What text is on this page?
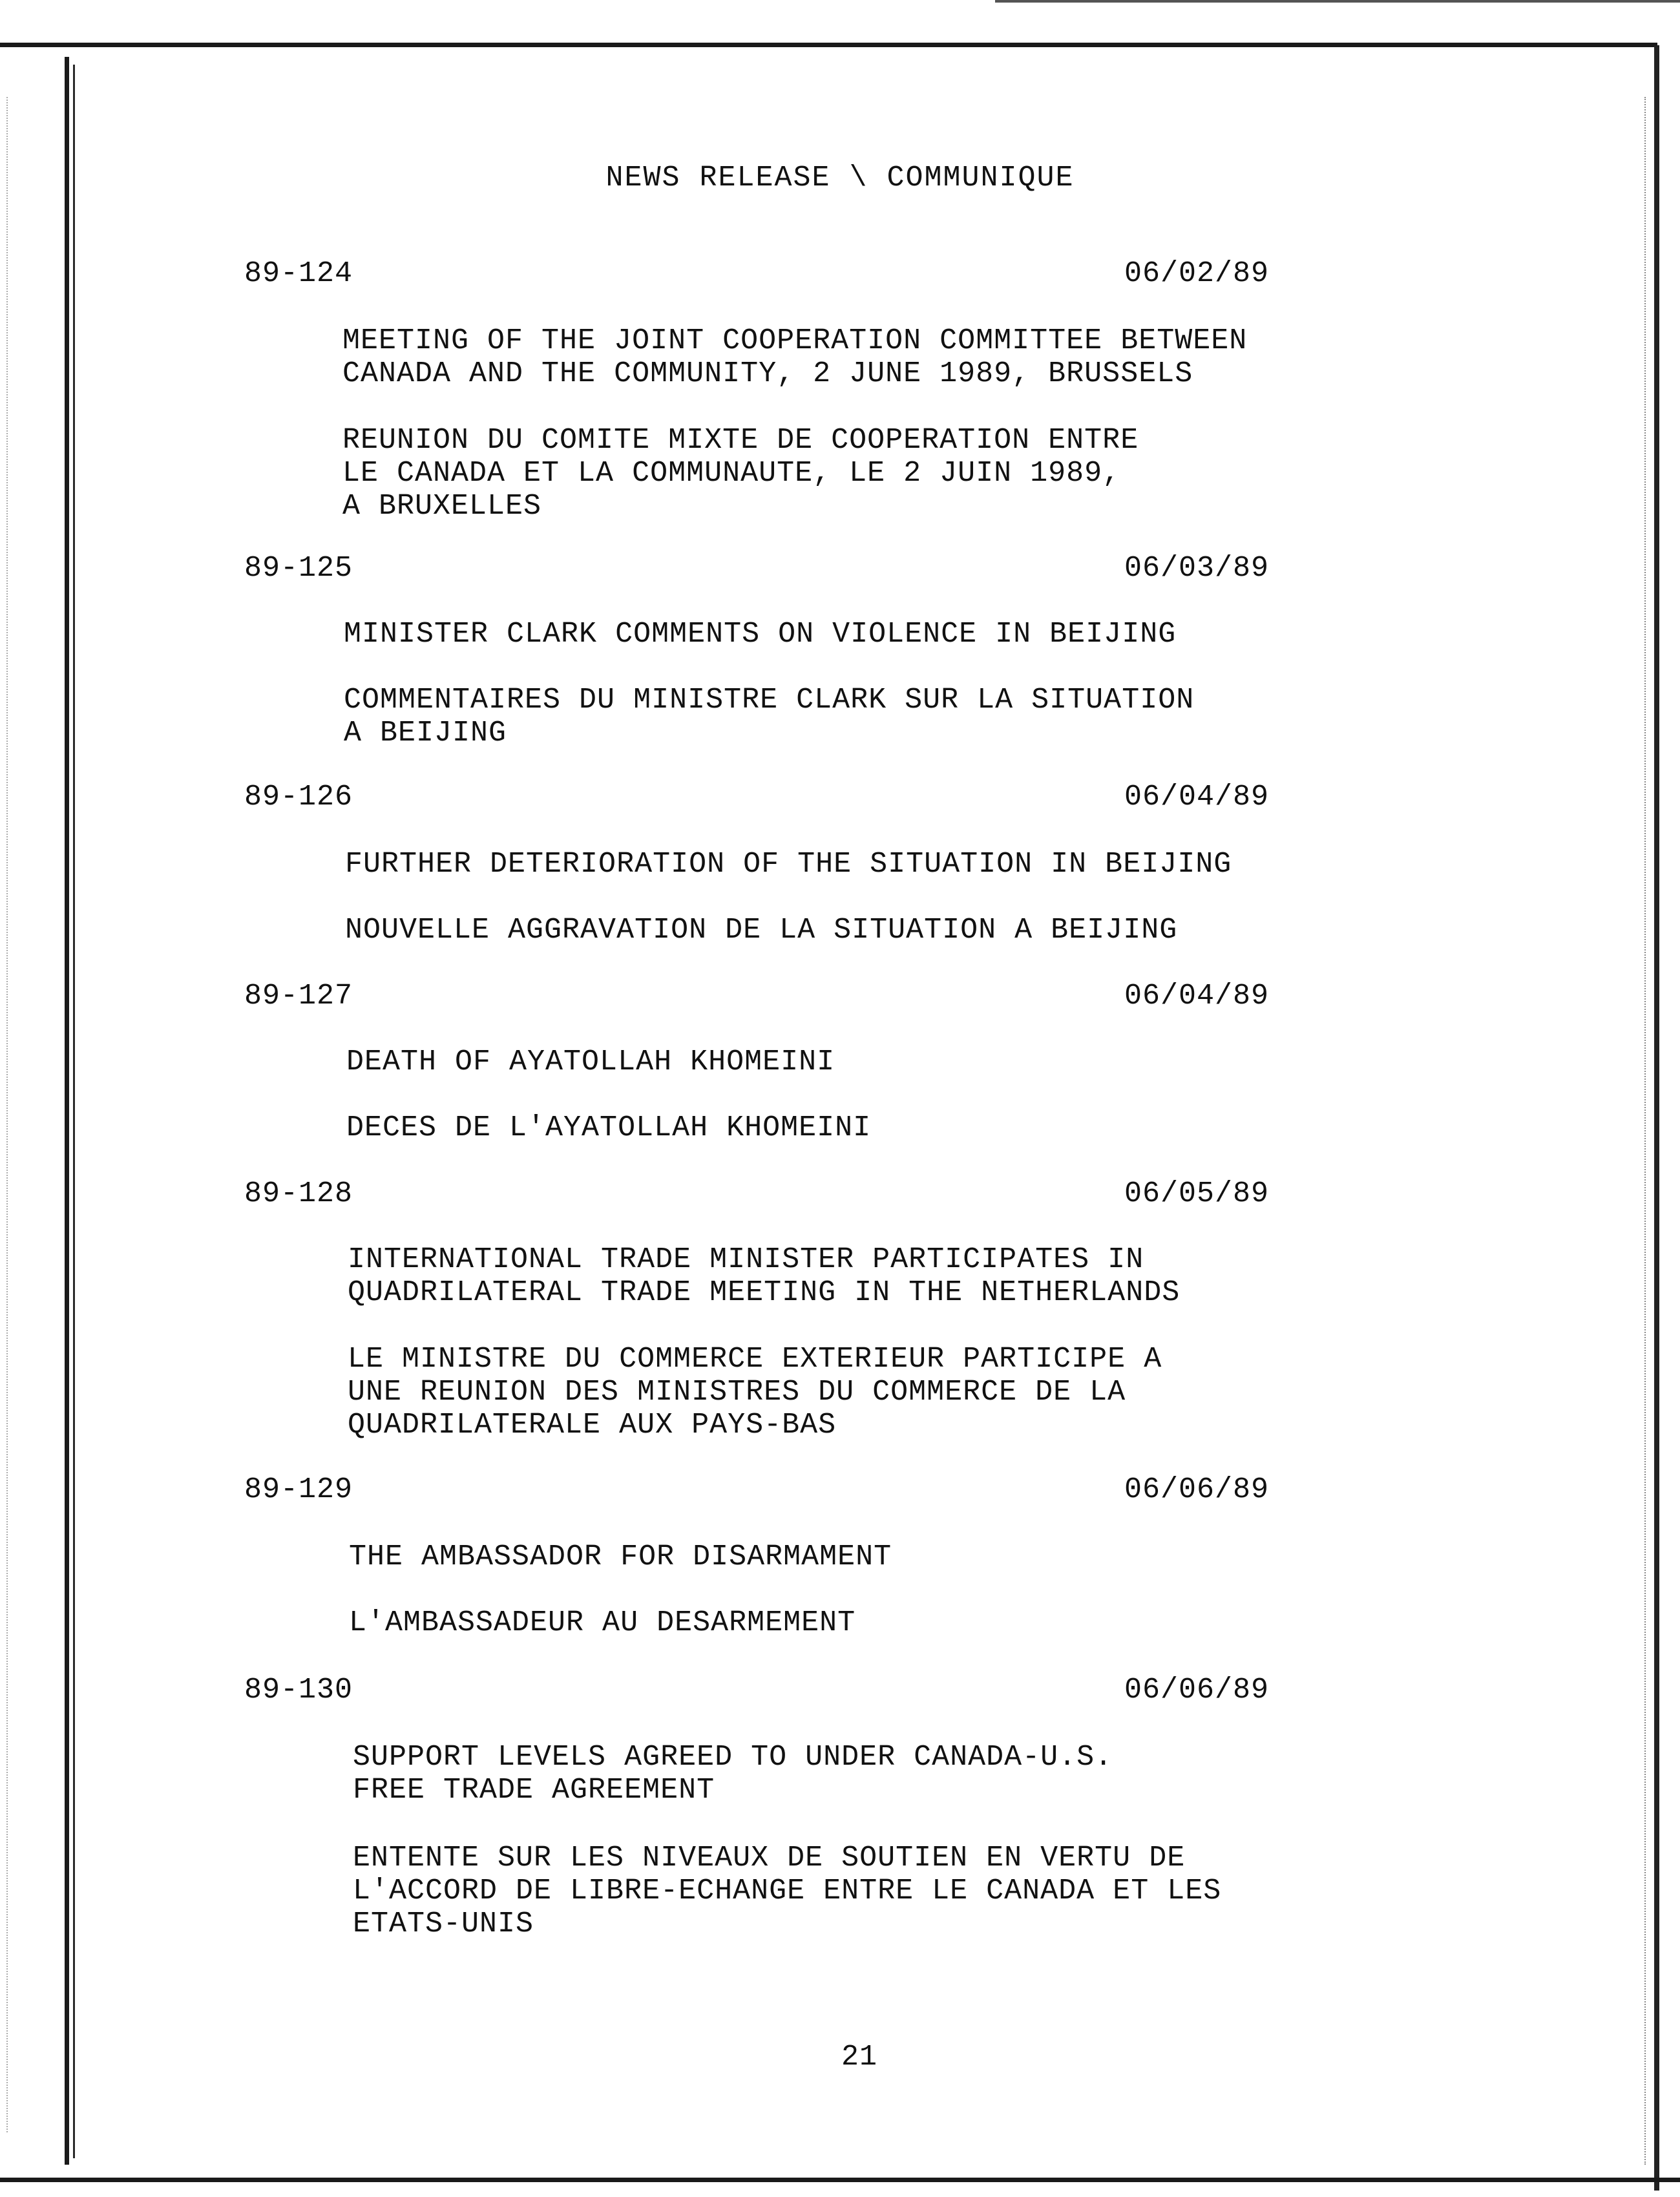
NEWS RELEASE \ COMMUNIQUE
89-124	06/02/89
MEETING OF THE JOINT COOPERATION COMMITTEE BETWEEN
CANADA AND THE COMMUNITY, 2 JUNE 1989, BRUSSELS
REUNION DU COMITE MIXTE DE COOPERATION ENTRE
LE CANADA ET LA COMMUNAUTE, LE 2 JUIN 1989,
A BRUXELLES
89-125	06/03/89
MINISTER CLARK COMMENTS ON VIOLENCE IN BEIJING
COMMENTAIRES DU MINISTRE CLARK SUR LA SITUATION
A BEIJING
89-126	06/04/89
FURTHER DETERIORATION OF THE SITUATION IN BEIJING
NOUVELLE AGGRAVATION DE LA SITUATION A BEIJING
89-127	06/04/89
DEATH OF AYATOLLAH KHOMEINI
DECES DE L'AYATOLLAH KHOMEINI
89-128	06/05/89
INTERNATIONAL TRADE MINISTER PARTICIPATES IN
QUADRILATERAL TRADE MEETING IN THE NETHERLANDS
LE MINISTRE DU COMMERCE EXTERIEUR PARTICIPE A
UNE REUNION DES MINISTRES DU COMMERCE DE LA
QUADRILATERALE AUX PAYS-BAS
89-129	06/06/89
THE AMBASSADOR FOR DISARMAMENT
L'AMBASSADEUR AU DESARMEMENT
89-130	06/06/89
SUPPORT LEVELS AGREED TO UNDER CANADA-U.S.
FREE TRADE AGREEMENT
ENTENTE SUR LES NIVEAUX DE SOUTIEN EN VERTU DE
L'ACCORD DE LIBRE-ECHANGE ENTRE LE CANADA ET LES
ETATS-UNIS
21
